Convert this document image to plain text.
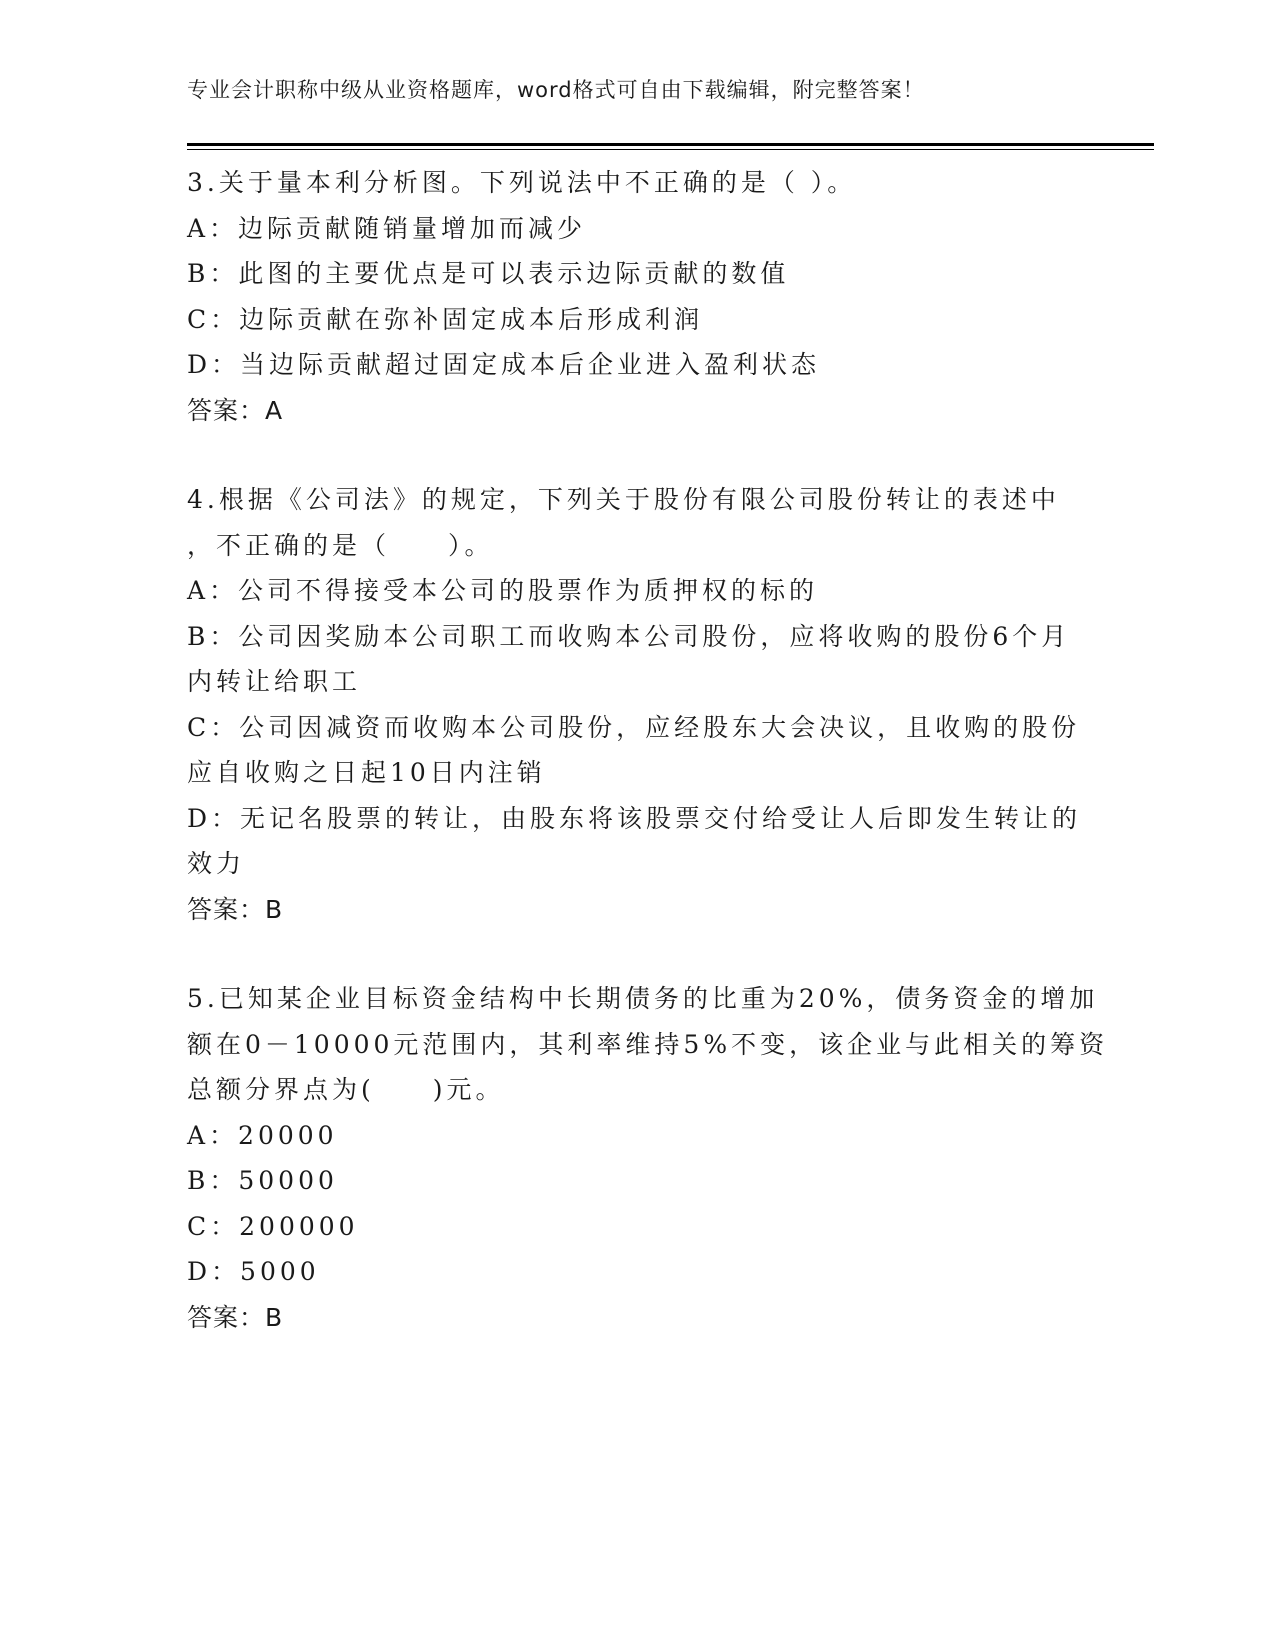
专业会计职称中级从业资格题库，word格式可自由下载编辑，附完整答案！
3.关于量本利分析图。下列说法中不正确的是（ ）。
A：边际贡献随销量增加而减少
B：此图的主要优点是可以表示边际贡献的数值
C：边际贡献在弥补固定成本后形成利润
D：当边际贡献超过固定成本后企业进入盈利状态
答案：A
4.根据《公司法》的规定，下列关于股份有限公司股份转让的表述中
，不正确的是（　　）。
A：公司不得接受本公司的股票作为质押权的标的
B：公司因奖励本公司职工而收购本公司股份，应将收购的股份6个月
内转让给职工
C：公司因减资而收购本公司股份，应经股东大会决议，且收购的股份
应自收购之日起10日内注销
D：无记名股票的转让，由股东将该股票交付给受让人后即发生转让的
效力
答案：B
5.已知某企业目标资金结构中长期债务的比重为20%，债务资金的增加
额在0－10000元范围内，其利率维持5%不变，该企业与此相关的筹资
总额分界点为(　　)元。
A：20000
B：50000
C：200000
D：5000
答案：B
